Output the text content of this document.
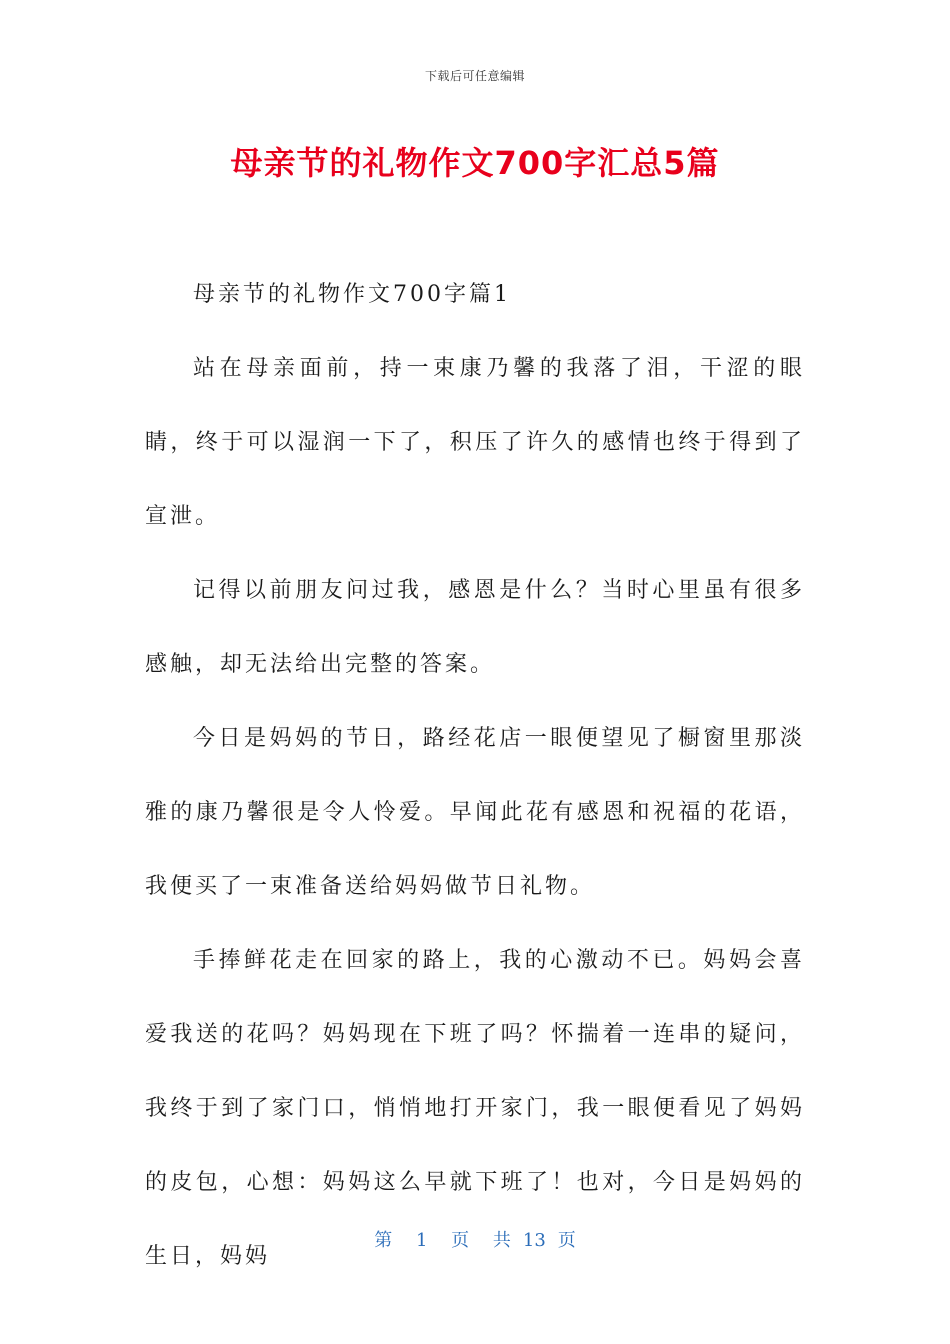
下载后可任意编辑
母亲节的礼物作文700字汇总5篇

母亲节的礼物作文700字篇1

站在母亲面前，持一束康乃馨的我落了泪，干涩的眼睛，终于可以湿润一下了，积压了许久的感情也终于得到了宣泄。

记得以前朋友问过我，感恩是什么？当时心里虽有很多感触，却无法给出完整的答案。

今日是妈妈的节日，路经花店一眼便望见了橱窗里那淡雅的康乃馨很是令人怜爱。早闻此花有感恩和祝福的花语，我便买了一束准备送给妈妈做节日礼物。

手捧鲜花走在回家的路上，我的心激动不已。妈妈会喜爱我送的花吗？妈妈现在下班了吗？怀揣着一连串的疑问，我终于到了家门口，悄悄地打开家门，我一眼便看见了妈妈的皮包，心想：妈妈这么早就下班了！也对，今日是妈妈的生日，妈妈

第 1 页 共 13 页
